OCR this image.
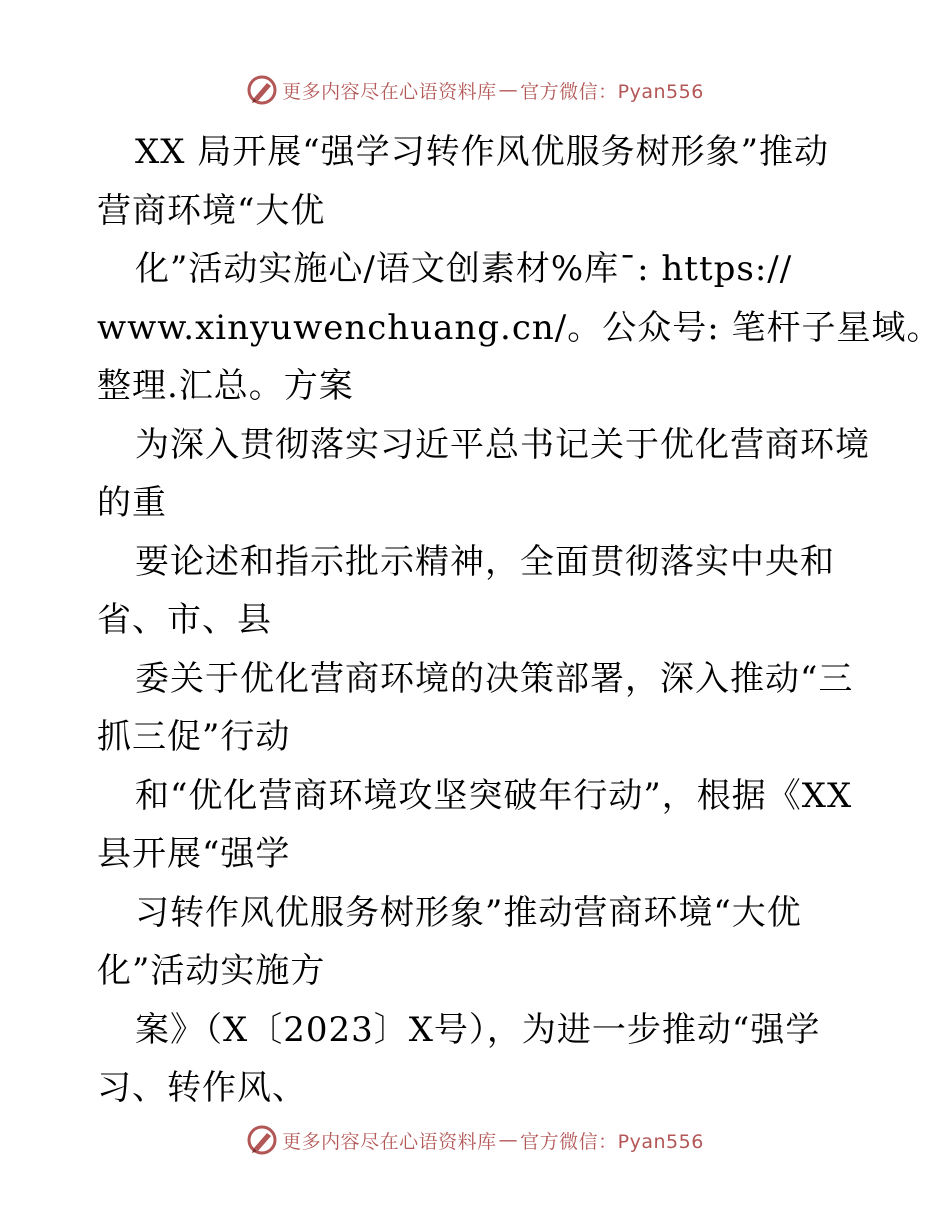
更多内容尽在心语资料库 — 官方微信：Pyan556
XX 局开展“强学习转作风优服务树形象”推动
营商环境“大优
化”活动实施心/语文创素材%库¯: https://
www.xinyuwenchuang.cn/。公众号: 笔杆子星域。
整理.汇总。方案
为深入贯彻落实习近平总书记关于优化营商环境
的重
要论述和指示批示精神，全面贯彻落实中央和
省、市、县
委关于优化营商环境的决策部署，深入推动“三
抓三促”行动
和“优化营商环境攻坚突破年行动”，根据《XX
县开展“强学
习转作风优服务树形象”推动营商环境“大优
化”活动实施方
案》（X〔2023〕X号），为进一步推动“强学
习、转作风、
更多内容尽在心语资料库 — 官方微信：Pyan556
